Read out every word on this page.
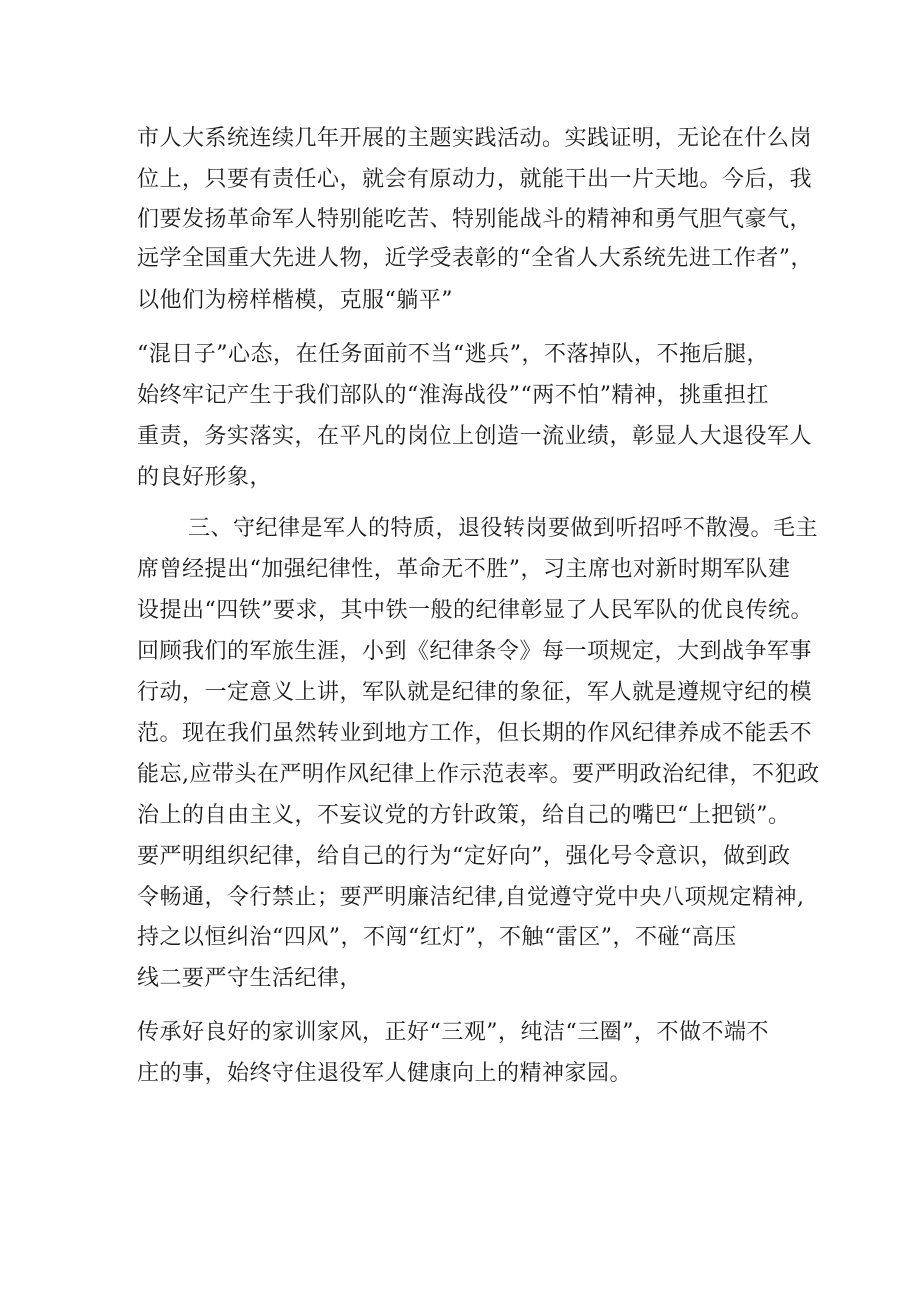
市人大系统连续几年开展的主题实践活动。实践证明，无论在什么岗

位上，只要有责任心，就会有原动力，就能干出一片天地。今后，我

们要发扬革命军人特别能吃苦、特别能战斗的精神和勇气胆气豪气，

远学全国重大先进人物，近学受表彰的“全省人大系统先进工作者”，

以他们为榜样楷模，克服“躺平”

“混日子”心态，在任务面前不当“逃兵”，不落掉队，不拖后腿，

始终牢记产生于我们部队的“淮海战役”“两不怕”精神，挑重担扛

重责，务实落实，在平凡的岗位上创造一流业绩，彰显人大退役军人

的良好形象，

三、守纪律是军人的特质，退役转岗要做到听招呼不散漫。毛主

席曾经提出“加强纪律性，革命无不胜”，习主席也对新时期军队建

设提出“四铁”要求，其中铁一般的纪律彰显了人民军队的优良传统。

回顾我们的军旅生涯，小到《纪律条令》每一项规定，大到战争军事

行动，一定意义上讲，军队就是纪律的象征，军人就是遵规守纪的模

范。现在我们虽然转业到地方工作，但长期的作风纪律养成不能丢不

能忘,应带头在严明作风纪律上作示范表率。要严明政治纪律，不犯政

治上的自由主义，不妄议党的方针政策，给自己的嘴巴“上把锁”。

要严明组织纪律，给自己的行为“定好向”，强化号令意识，做到政

令畅通，令行禁止；要严明廉洁纪律,自觉遵守党中央八项规定精神,

持之以恒纠治“四风”，不闯“红灯”，不触“雷区”，不碰“高压

线二要严守生活纪律，

传承好良好的家训家风，正好“三观”，纯洁“三圈”，不做不端不

庄的事，始终守住退役军人健康向上的精神家园。
